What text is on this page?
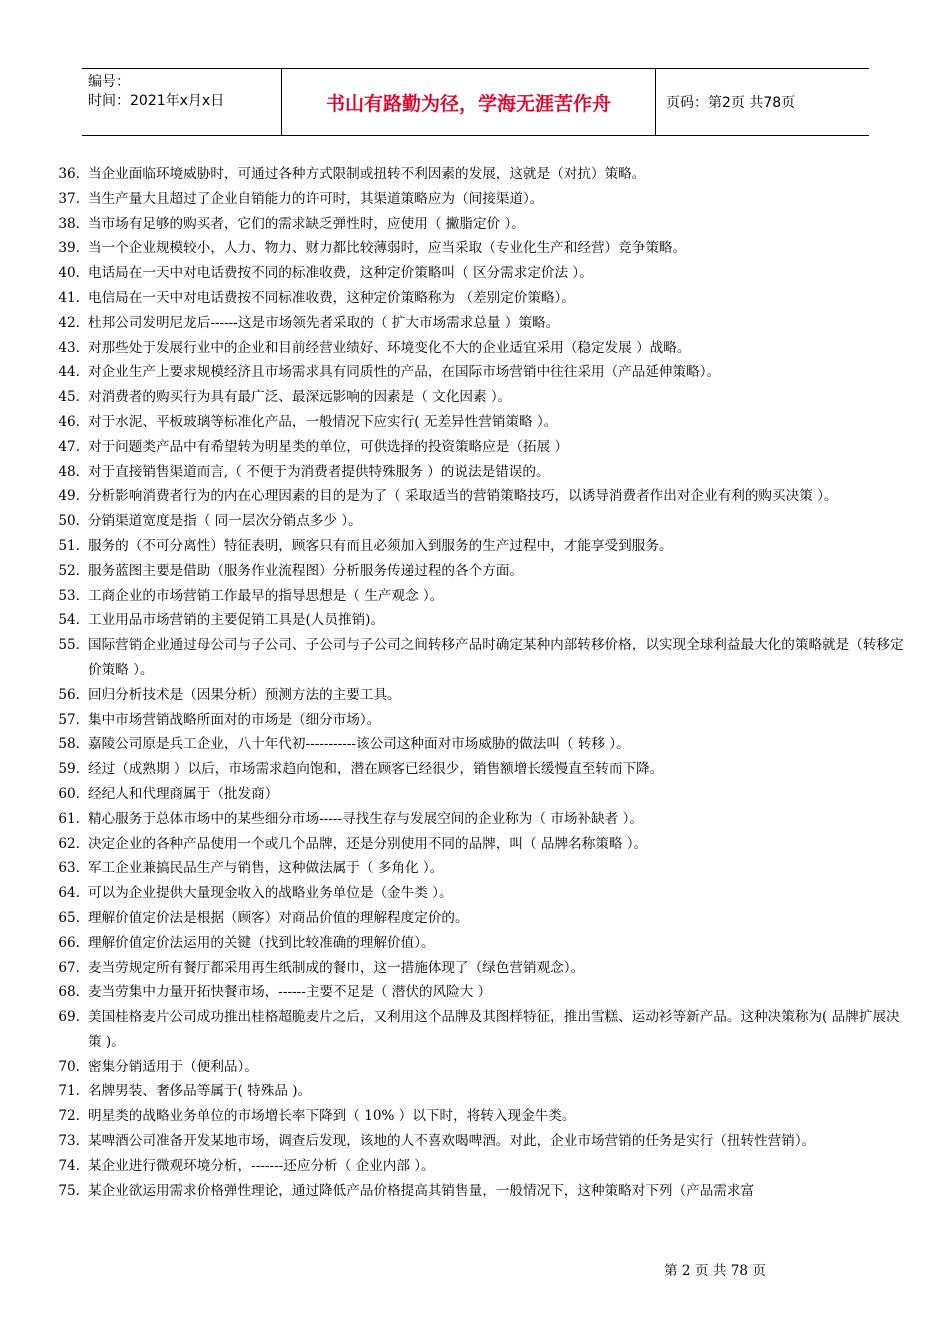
编号：
时间：2021年x月x日	书山有路勤为径，学海无涯苦作舟	页码：第2页 共78页
36. 当企业面临环境威胁时，可通过各种方式限制或扭转不利因素的发展，这就是（对抗）策略。
37. 当生产量大且超过了企业自销能力的许可时，其渠道策略应为（间接渠道）。
38. 当市场有足够的购买者，它们的需求缺乏弹性时，应使用（ 撇脂定价 ）。
39. 当一个企业规模较小，人力、物力、财力都比较薄弱时，应当采取（专业化生产和经营）竞争策略。
40. 电话局在一天中对电话费按不同的标准收费，这种定价策略叫（ 区分需求定价法 ）。
41. 电信局在一天中对电话费按不同标准收费，这种定价策略称为 （差别定价策略）。
42. 杜邦公司发明尼龙后------这是市场领先者采取的（ 扩大市场需求总量 ）策略。
43. 对那些处于发展行业中的企业和目前经营业绩好、环境变化不大的企业适宜采用（稳定发展 ）战略。
44. 对企业生产上要求规模经济且市场需求具有同质性的产品，在国际市场营销中往往采用（产品延伸策略）。
45. 对消费者的购买行为具有最广泛、最深远影响的因素是（ 文化因素 ）。
46. 对于水泥、平板玻璃等标准化产品，一般情况下应实行( 无差异性营销策略 ）。
47. 对于问题类产品中有希望转为明星类的单位，可供选择的投资策略应是（拓展 ）
48. 对于直接销售渠道而言,（ 不便于为消费者提供特殊服务 ）的说法是错误的。
49. 分析影响消费者行为的内在心理因素的目的是为了（ 采取适当的营销策略技巧，以诱导消费者作出对企业有利的购买决策 ）。
50. 分销渠道宽度是指（ 同一层次分销点多少 ）。
51. 服务的（不可分离性）特征表明，顾客只有而且必须加入到服务的生产过程中，才能享受到服务。
52. 服务蓝图主要是借助（服务作业流程图）分析服务传递过程的各个方面。
53. 工商企业的市场营销工作最早的指导思想是（ 生产观念 ）。
54. 工业用品市场营销的主要促销工具是(人员推销)。
55. 国际营销企业通过母公司与子公司、子公司与子公司之间转移产品时确定某种内部转移价格，以实现全球利益最大化的策略就是（转移定价策略 ）。
56. 回归分析技术是（因果分析）预测方法的主要工具。
57. 集中市场营销战略所面对的市场是（细分市场）。
58. 嘉陵公司原是兵工企业，八十年代初-----------该公司这种面对市场威胁的做法叫（ 转移 ）。
59. 经过（成熟期 ）以后，市场需求趋向饱和，潜在顾客已经很少，销售额增长缓慢直至转而下降。
60. 经纪人和代理商属于（批发商）
61. 精心服务于总体市场中的某些细分市场-----寻找生存与发展空间的企业称为（ 市场补缺者 ）。
62. 决定企业的各种产品使用一个或几个品牌，还是分别使用不同的品牌，叫（ 品牌名称策略 ）。
63. 军工企业兼搞民品生产与销售，这种做法属于（ 多角化 ）。
64. 可以为企业提供大量现金收入的战略业务单位是（金牛类 ）。
65. 理解价值定价法是根据（顾客）对商品价值的理解程度定价的。
66. 理解价值定价法运用的关键（找到比较准确的理解价值）。
67. 麦当劳规定所有餐厅都采用再生纸制成的餐巾，这一措施体现了（绿色营销观念）。
68. 麦当劳集中力量开拓快餐市场，------主要不足是（ 潜伏的风险大 ）
69. 美国桂格麦片公司成功推出桂格超脆麦片之后，又利用这个品牌及其图样特征，推出雪糕、运动衫等新产品。这种决策称为( 品牌扩展决策 )。
70. 密集分销适用于（便利品）。
71. 名牌男装、奢侈品等属于( 特殊品 )。
72. 明星类的战略业务单位的市场增长率下降到（ 10% ）以下时，将转入现金牛类。
73. 某啤酒公司准备开发某地市场，调查后发现，该地的人不喜欢喝啤酒。对此，企业市场营销的任务是实行（扭转性营销）。
74. 某企业进行微观环境分析，-------还应分析（ 企业内部 ）。
75. 某企业欲运用需求价格弹性理论，通过降低产品价格提高其销售量，一般情况下，这种策略对下列（产品需求富
第 2 页 共 78 页
